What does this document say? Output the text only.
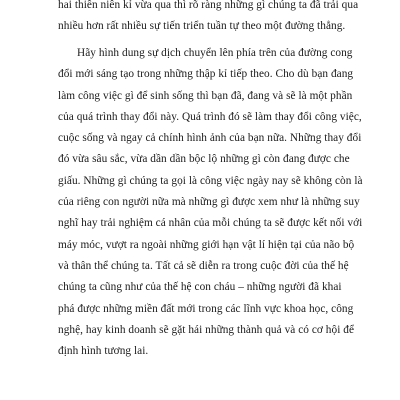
hai thiên niên kỉ vừa qua thì rõ ràng những gì chúng ta đã trải qua
nhiều hơn rất nhiều sự tiến triển tuần tự theo một đường thẳng.
Hãy hình dung sự dịch chuyển lên phía trên của đường cong
đổi mới sáng tạo trong những thập kỉ tiếp theo. Cho dù bạn đang
làm công việc gì để sinh sống thì bạn đã, đang và sẽ là một phần
của quá trình thay đổi này. Quá trình đó sẽ làm thay đổi công việc,
cuộc sống và ngay cả chính hình ảnh của bạn nữa. Những thay đổi
đó vừa sâu sắc, vừa dần dần bộc lộ những gì còn đang được che
giấu. Những gì chúng ta gọi là công việc ngày nay sẽ không còn là
của riêng con người nữa mà những gì được xem như là những suy
nghĩ hay trải nghiệm cá nhân của mỗi chúng ta sẽ được kết nối với
máy móc, vượt ra ngoài những giới hạn vật lí hiện tại của não bộ
và thân thể chúng ta. Tất cả sẽ diễn ra trong cuộc đời của thế hệ
chúng ta cũng như của thế hệ con cháu – những người đã khai
phá được những miền đất mới trong các lĩnh vực khoa học, công
nghệ, hay kinh doanh sẽ gặt hái những thành quả và có cơ hội để
định hình tương lai.
